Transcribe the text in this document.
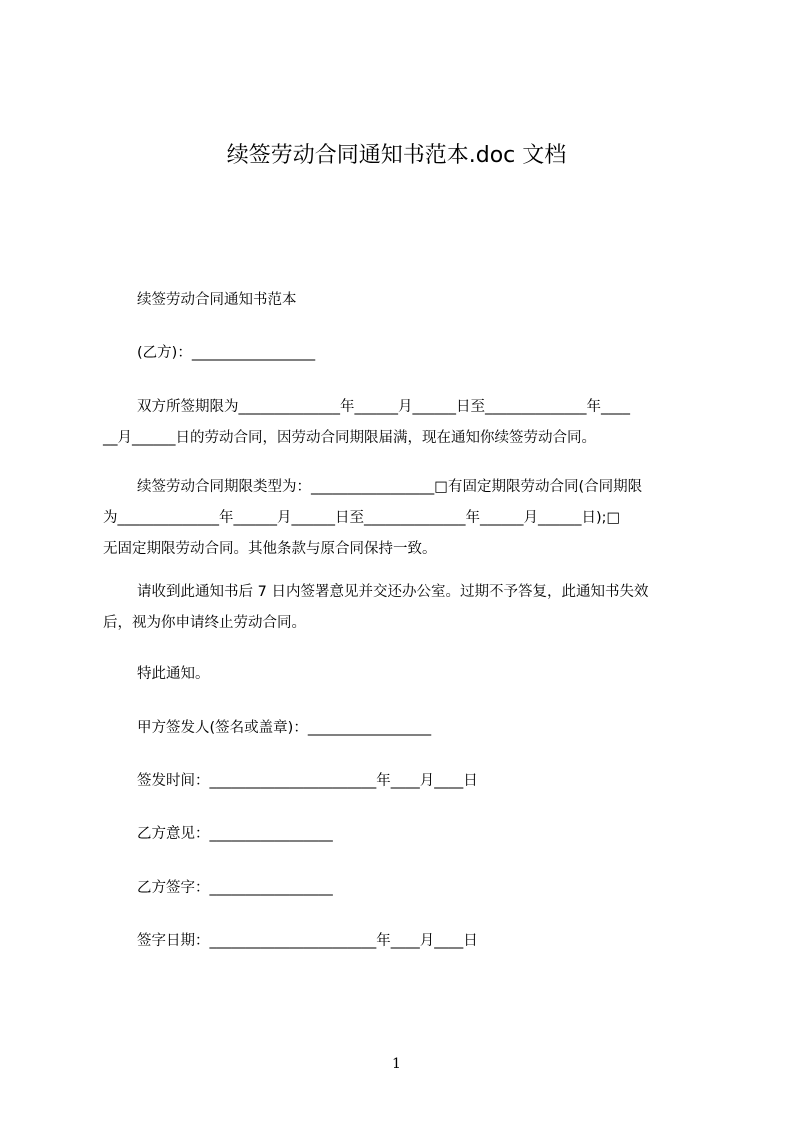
续签劳动合同通知书范本.doc 文档
续签劳动合同通知书范本
(乙方)：_________________
双方所签期限为______________年______月______日至______________年____
__月______日的劳动合同，因劳动合同期限届满，现在通知你续签劳动合同。
续签劳动合同期限类型为：_________________□有固定期限劳动合同(合同期限
为______________年______月______日至______________年______月______日);□
无固定期限劳动合同。其他条款与原合同保持一致。
请收到此通知书后 7 日内签署意见并交还办公室。过期不予答复，此通知书失效
后，视为你申请终止劳动合同。
特此通知。
甲方签发人(签名或盖章)：_________________
签发时间：_______________________年____月____日
乙方意见：_________________
乙方签字：_________________
签字日期：_______________________年____月____日
1
